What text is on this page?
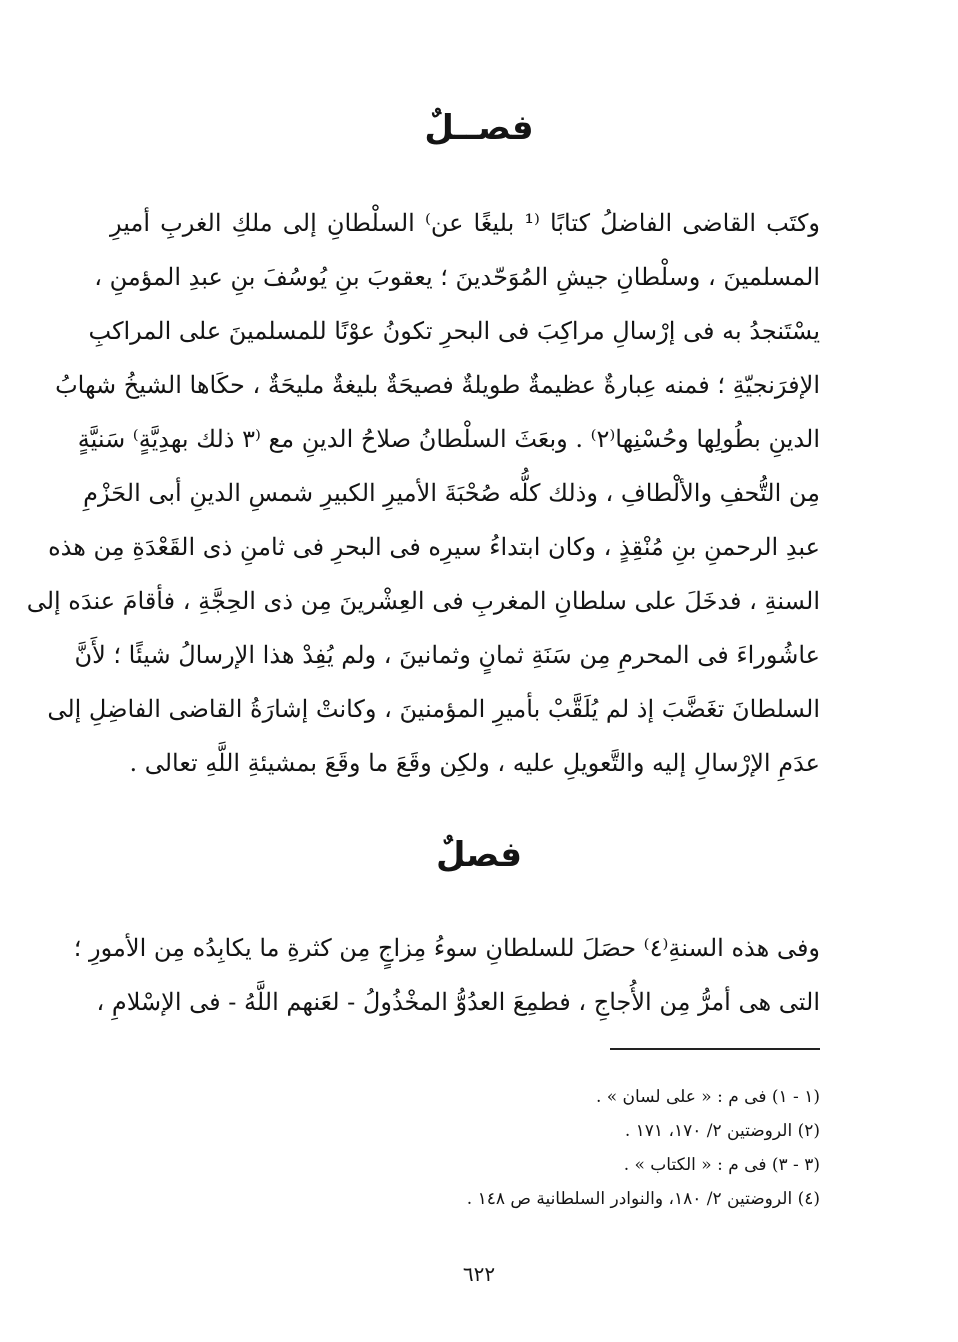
فصــلٌ
وكتَب القاضى الفاضلُ كتابًا ⁽¹ بليغًا عن⁾ السلْطانِ إلى ملكِ الغربِ أميرِ
المسلمينَ ، وسلْطانِ جيشِ المُوَحّدينَ ؛ يعقوبَ بنِ يُوسُفَ بنِ عبدِ المؤمنِ ،
يسْتَنجدُ به فى إرْسالِ مراكِبَ فى البحرِ تكونُ عوْنًا للمسلمينَ على المراكبِ
الإفرَنجيّةِ ؛ فمنه عِبارةٌ عظيمةٌ طويلةٌ فصيحَةٌ بليغةٌ مليحَةٌ ، حكَاها الشيخُ شهابُ
الدينِ بطُولِها وحُسْنِها⁽٢⁾ . وبعَثَ السلْطانُ صلاحُ الدينِ مع ⁽٣ ذلك بهدِيَّةٍ⁾ سَنيَّةٍ
مِن التُّحفِ والألْطافِ ، وذلك كلُّه صُحْبَةَ الأميرِ الكبيرِ شمسِ الدينِ أبى الحَزْمِ
عبدِ الرحمنِ بنِ مُنْقِذٍ ، وكان ابتداءُ سيرِه فى البحرِ فى ثامنِ ذى القَعْدَةِ مِن هذه
السنةِ ، فدخَلَ على سلطانِ المغربِ فى العِشْرينَ مِن ذى الحِجَّةِ ، فأقامَ عندَه إلى
عاشُوراءَ فى المحرمِ مِن سَنَةِ ثمانٍ وثمانينَ ، ولم يُفِدْ هذا الإرسالُ شيئًا ؛ لأَنَّ
السلطانَ تغَضَّبَ إذ لم يُلَقَّبْ بأميرِ المؤمنينَ ، وكانتْ إشارَةُ القاضى الفاضِلِ إلى
عدَمِ الإرْسالِ إليه والتَّعويلِ عليه ، ولكِن وقَعَ ما وقَعَ بمشيئةِ اللَّهِ تعالى .
فصلٌ
وفى هذه السنةِ⁽٤⁾ حصَلَ للسلطانِ سوءُ مِزاجٍ مِن كثرةِ ما يكابِدُه مِن الأمورِ ؛
التى هى أمرُّ مِن الأُجاجِ ، فطمِعَ العدُوُّ المخْذُولُ - لعَنهم اللَّهُ - فى الإسْلامِ ،
(١ - ١) فى م : « على لسان » .
(٢) الروضتين ٢/ ١٧٠، ١٧١ .
(٣ - ٣) فى م : « الكتاب » .
(٤) الروضتين ٢/ ١٨٠، والنوادر السلطانية ص ١٤٨ .
٦٢٢
